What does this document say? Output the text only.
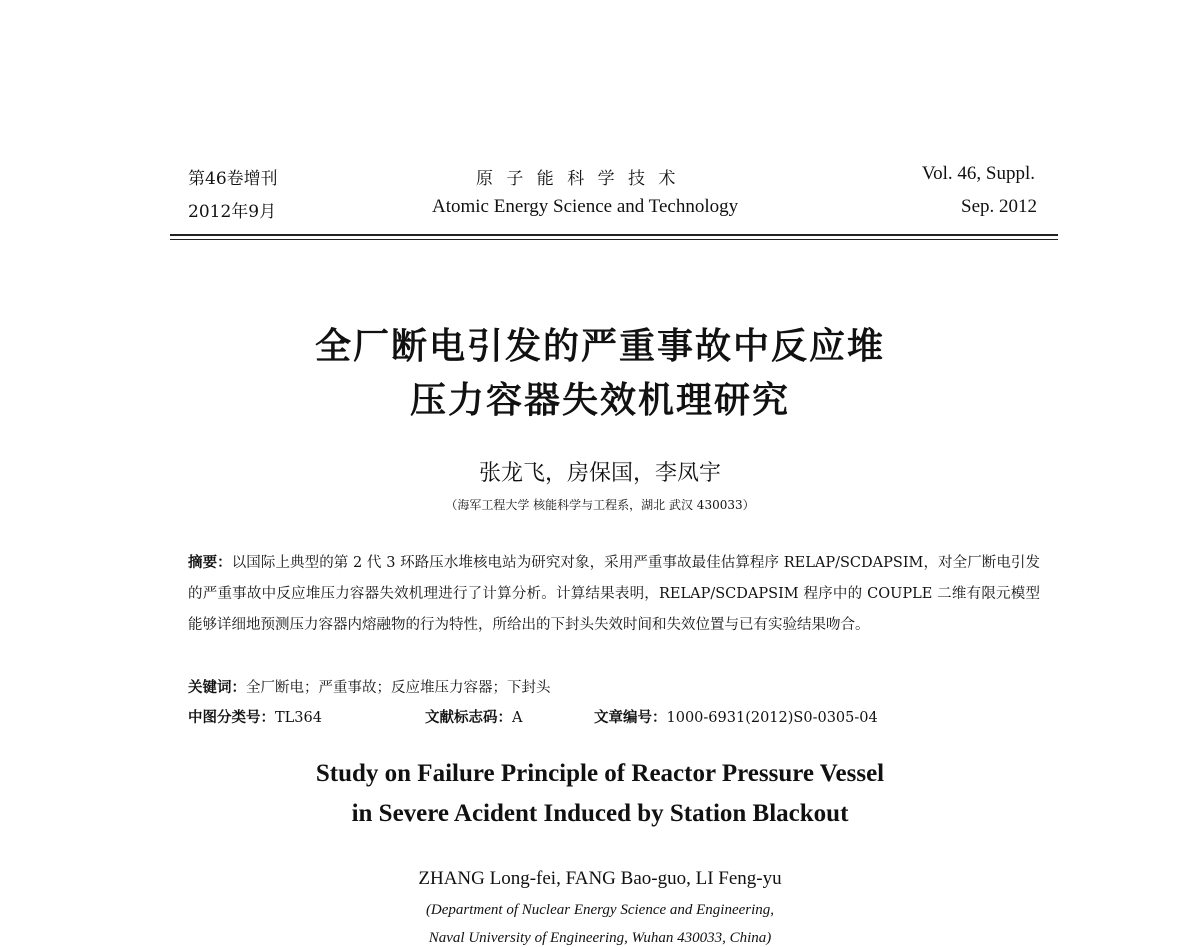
第46卷增刊
2012年9月
原 子 能 科 学 技 术
Atomic Energy Science and Technology
Vol. 46, Suppl.
Sep. 2012
全厂断电引发的严重事故中反应堆
压力容器失效机理研究
张龙飞，房保国，李凤宇
（海军工程大学 核能科学与工程系，湖北 武汉 430033）
摘要：以国际上典型的第 2 代 3 环路压水堆核电站为研究对象，采用严重事故最佳估算程序 RELAP/SCDAPSIM，对全厂断电引发的严重事故中反应堆压力容器失效机理进行了计算分析。计算结果表明，RELAP/SCDAPSIM 程序中的 COUPLE 二维有限元模型能够详细地预测压力容器内熔融物的行为特性，所给出的下封头失效时间和失效位置与已有实验结果吻合。
关键词：全厂断电；严重事故；反应堆压力容器；下封头
中图分类号：TL364	文献标志码：A	文章编号：1000-6931(2012)S0-0305-04
Study on Failure Principle of Reactor Pressure Vessel
in Severe Acident Induced by Station Blackout
ZHANG Long-fei, FANG Bao-guo, LI Feng-yu
(Department of Nuclear Energy Science and Engineering,
Naval University of Engineering, Wuhan 430033, China)
